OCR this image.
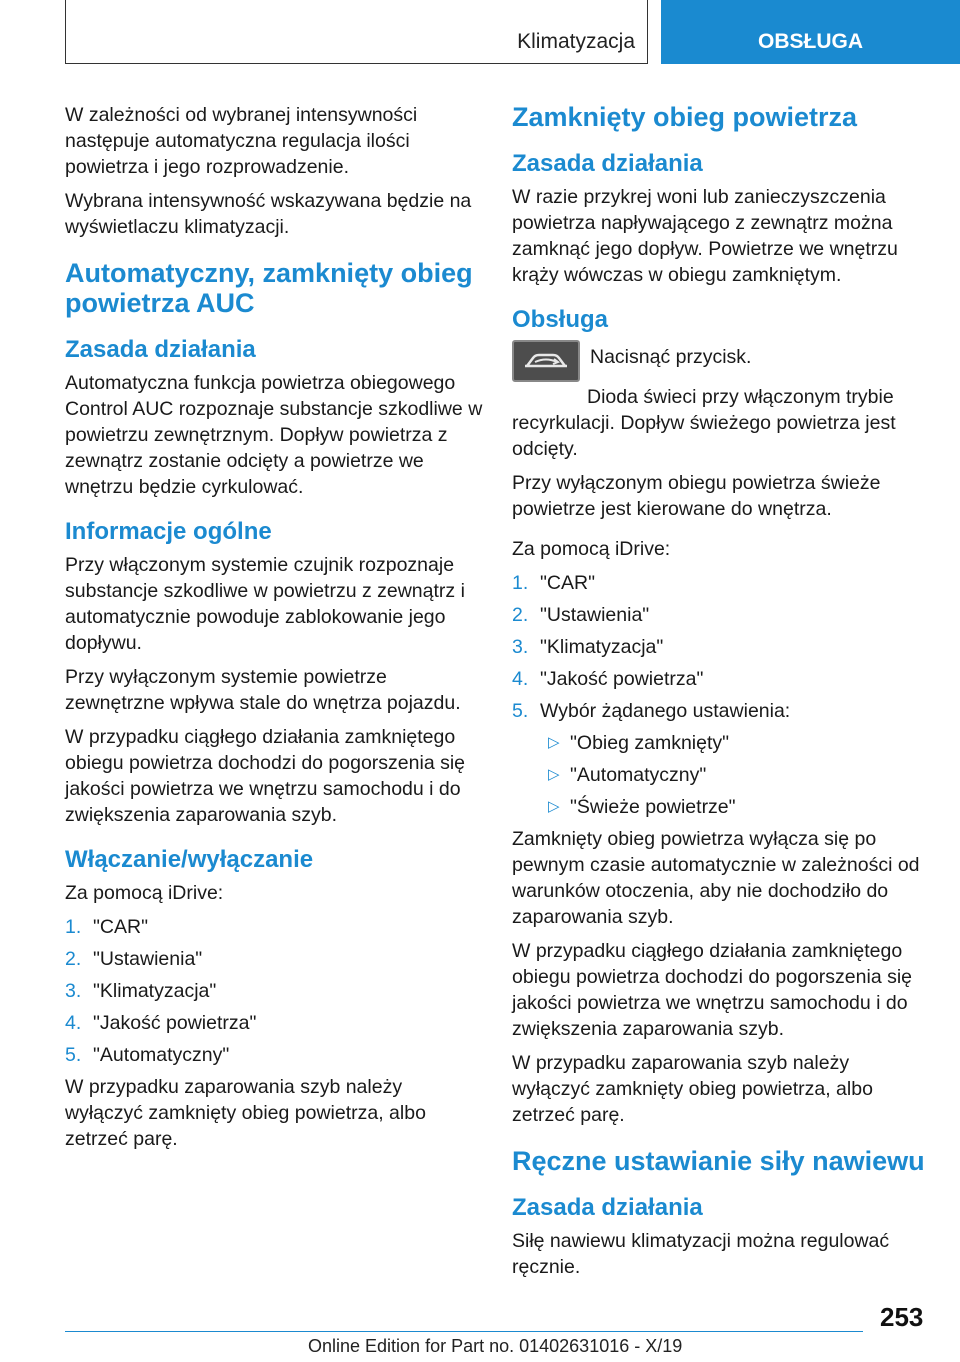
Klimatyzacja	OBSŁUGA

W zależności od wybranej intensywności następuje automatyczna regulacja ilości powietrza i jego rozprowadzenie.

Wybrana intensywność wskazywana będzie na wyświetlaczu klimatyzacji.

Automatyczny, zamknięty obieg powietrza AUC
Zasada działania

Automatyczna funkcja powietrza obiegowego Control AUC rozpoznaje substancje szkodliwe w powietrzu zewnętrznym. Dopływ powietrza z zewnątrz zostanie odcięty a powietrze we wnętrzu będzie cyrkulować.

Informacje ogólne

Przy włączonym systemie czujnik rozpoznaje substancje szkodliwe w powietrzu z zewnątrz i automatycznie powoduje zablokowanie jego dopływu.

Przy wyłączonym systemie powietrze zewnętrzne wpływa stale do wnętrza pojazdu.

W przypadku ciągłego działania zamkniętego obiegu powietrza dochodzi do pogorszenia się jakości powietrza we wnętrzu samochodu i do zwiększenia zaparowania szyb.

Włączanie/wyłączanie

Za pomocą iDrive:

1. "CAR"
2. "Ustawienia"
3. "Klimatyzacja"
4. "Jakość powietrza"
5. "Automatyczny"

W przypadku zaparowania szyb należy wyłączyć zamknięty obieg powietrza, albo zetrzeć parę.

Zamknięty obieg powietrza
Zasada działania

W razie przykrej woni lub zanieczyszczenia powietrza napływającego z zewnątrz można zamknąć jego dopływ. Powietrze we wnętrzu krąży wówczas w obiegu zamkniętym.

Obsługa

Nacisnąć przycisk.

Dioda świeci przy włączonym trybie recyrkulacji. Dopływ świeżego powietrza jest odcięty.

Przy wyłączonym obiegu powietrza świeże powietrze jest kierowane do wnętrza.

Za pomocą iDrive:

1. "CAR"
2. "Ustawienia"
3. "Klimatyzacja"
4. "Jakość powietrza"
5. Wybór żądanego ustawienia:
▷ "Obieg zamknięty"
▷ "Automatyczny"
▷ "Świeże powietrze"

Zamknięty obieg powietrza wyłącza się po pewnym czasie automatycznie w zależności od warunków otoczenia, aby nie dochodziło do zaparowania szyb.

W przypadku ciągłego działania zamkniętego obiegu powietrza dochodzi do pogorszenia się jakości powietrza we wnętrzu samochodu i do zwiększenia zaparowania szyb.

W przypadku zaparowania szyb należy wyłączyć zamknięty obieg powietrza, albo zetrzeć parę.

Ręczne ustawianie siły nawiewu
Zasada działania

Siłę nawiewu klimatyzacji można regulować ręcznie.

253
Online Edition for Part no. 01402631016 - X/19
